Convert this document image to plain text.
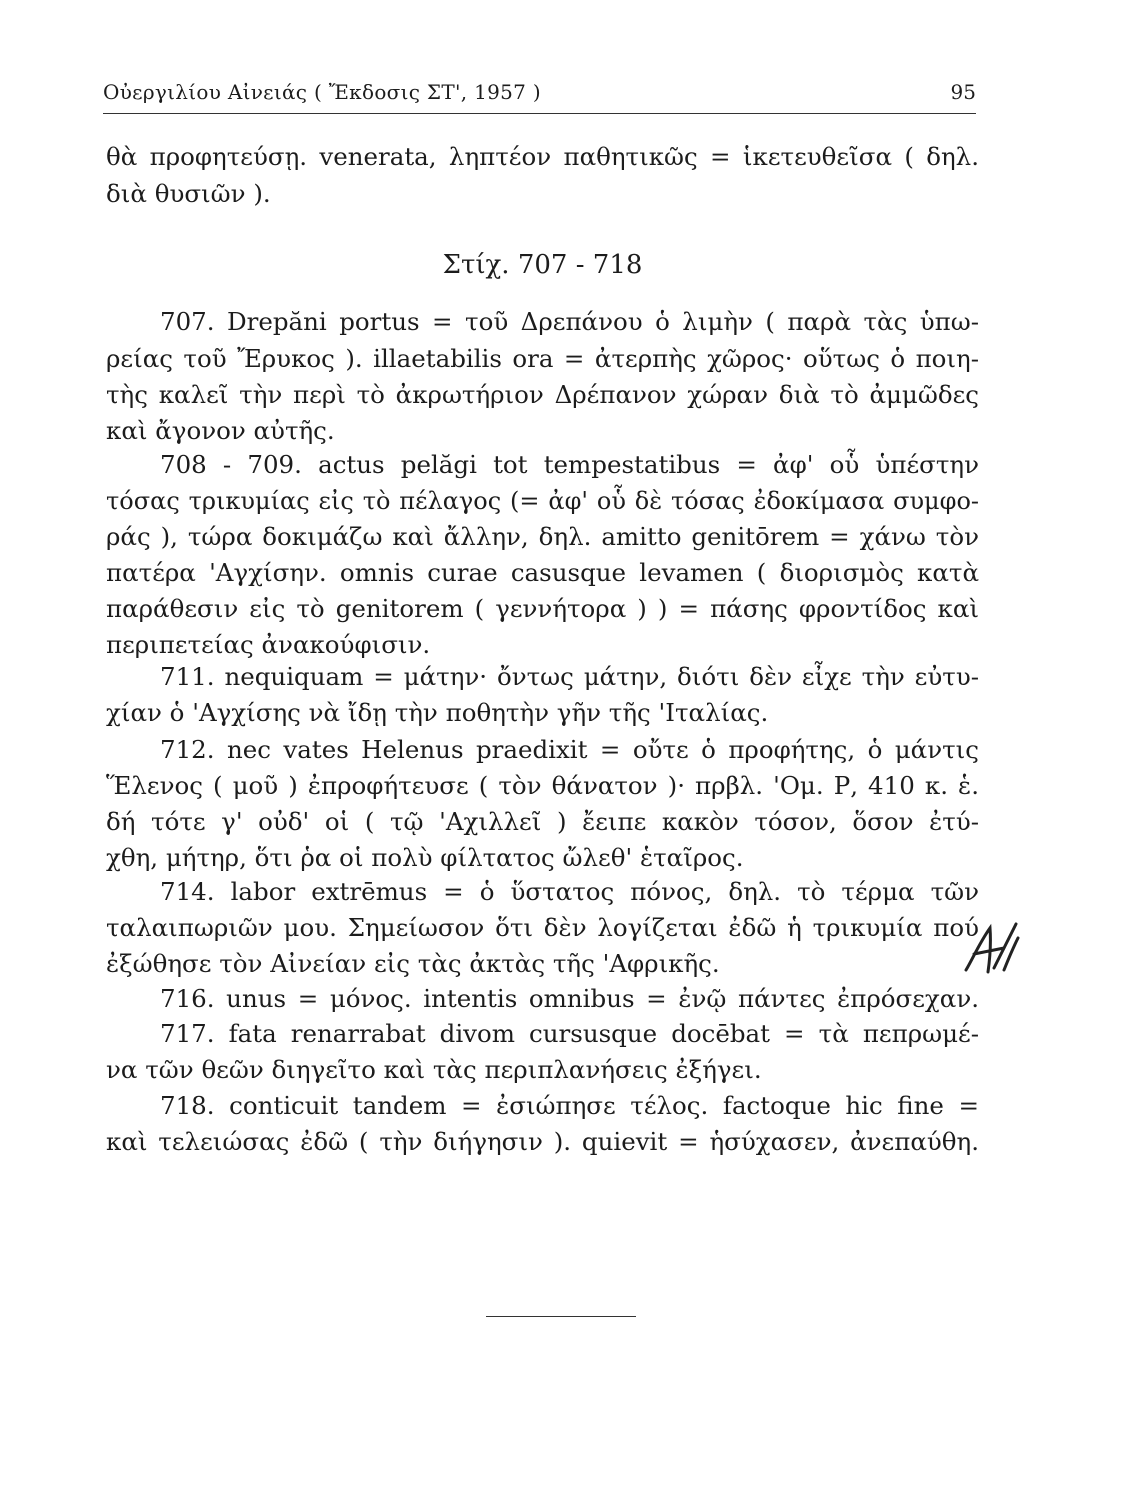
Οὐεργιλίου Αἰνειάς ( Ἔκδοσις ΣΤ', 1957 )	95
θὰ προφητεύσῃ. venerata, ληπτέον παθητικῶς = ἱκετευθεῖσα ( δηλ.
διὰ θυσιῶν ).
Στίχ. 707 - 718
707. Drepăni portus = τοῦ Δρεπάνου ὁ λιμὴν ( παρὰ τὰς ὑπω-
ρείας τοῦ Ἔρυκος ). illaetabilis ora = ἀτερπὴς χῶρος· οὕτως ὁ ποιη-
τὴς καλεῖ τὴν περὶ τὸ ἀκρωτήριον Δρέπανον χώραν διὰ τὸ ἀμμῶδες
καὶ ἄγονον αὐτῆς.
708 - 709. actus pelăgi tot tempestatibus = ἀφ' οὗ ὑπέστην
τόσας τρικυμίας εἰς τὸ πέλαγος (= ἀφ' οὗ δὲ τόσας ἐδοκίμασα συμφο-
ράς ), τώρα δοκιμάζω καὶ ἄλλην, δηλ. amitto genitōrem = χάνω τὸν
πατέρα 'Αγχίσην. omnis curae casusque levamen ( διορισμὸς κατὰ
παράθεσιν εἰς τὸ genitorem ( γεννήτορα ) ) = πάσης φροντίδος καὶ
περιπετείας ἀνακούφισιν.
711. nequiquam = μάτην· ὄντως μάτην, διότι δὲν εἶχε τὴν εὐτυ-
χίαν ὁ 'Αγχίσης νὰ ἴδῃ τὴν ποθητὴν γῆν τῆς 'Ιταλίας.
712. nec vates Helenus praedixit = οὔτε ὁ προφήτης, ὁ μάντις
Ἕλενος ( μοῦ ) ἐπροφήτευσε ( τὸν θάνατον )· πρβλ. 'Ομ. Ρ, 410 κ. ἑ.
δή τότε γ' οὐδ' οἱ ( τῷ 'Αχιλλεῖ ) ἔειπε κακὸν τόσον, ὅσον ἐτύ-
χθη, μήτηρ, ὅτι ῥα οἱ πολὺ φίλτατος ὤλεθ' ἑταῖρος.
714. labor extrēmus = ὁ ὕστατος πόνος, δηλ. τὸ τέρμα τῶν
ταλαιπωριῶν μου. Σημείωσον ὅτι δὲν λογίζεται ἐδῶ ἡ τρικυμία πού
ἐξώθησε τὸν Αἰνείαν εἰς τὰς ἀκτὰς τῆς 'Αφρικῆς.
716. unus = μόνος. intentis omnibus = ἐνῷ πάντες ἐπρόσεχαν.
717. fata renarrabat divom cursusque docēbat = τὰ πεπρωμέ-
να τῶν θεῶν διηγεῖτο καὶ τὰς περιπλανήσεις ἐξήγει.
718. conticuit tandem = ἐσιώπησε τέλος. factoque hic fine =
καὶ τελειώσας ἐδῶ ( τὴν διήγησιν ). quievit = ἡσύχασεν, ἀνεπαύθη.
